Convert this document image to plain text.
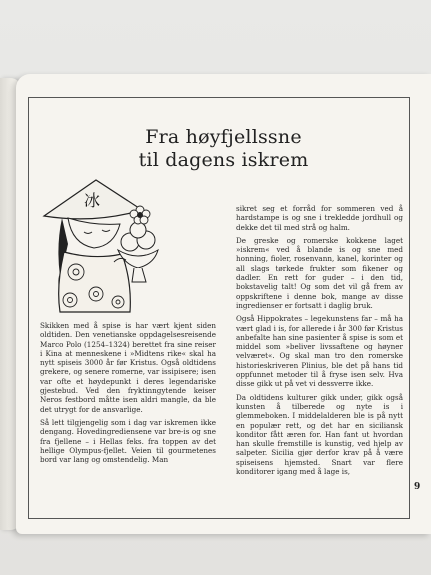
Fra høyfjellssne
til dagens iskrem
冰

Skikken med å spise is har vært kjent siden oldtiden. Den venetianske oppdagelsesreisende Marco Polo (1254–1324) berettet fra sine reiser i Kina at menneskene i »Midtens rike« skal ha nytt spiseis 3000 år før Kristus. Også oldtidens grekere, og senere romerne, var issipisere; isen var ofte et høydepunkt i deres legendariske gjestebud. Ved den fryktinngytende keiser Neros festbord måtte isen aldri mangle, da ble det utrygt for de ansvarlige.

Så lett tilgjengelig som i dag var iskremen ikke dengang. Hovedingrediensene var bre-is og sne fra fjellene – i Hellas feks. fra toppen av det hellige Olympus-fjellet. Veien til gourmetenes bord var lang og omstendelig. Man

sikret seg et forråd for sommeren ved å hardstampe is og sne i trekledde jordhull og dekke det til med strå og halm.

De greske og romerske kokkene laget »iskrem« ved å blande is og sne med honning, fioler, rosenvann, kanel, korinter og all slags tørkede frukter som fikener og dadler. En rett for guder – i den tid, bokstavelig talt! Og som det vil gå frem av oppskriftene i denne bok, mange av disse ingredienser er fortsatt i daglig bruk.

Også Hippokrates – legekunstens far – må ha vært glad i is, for allerede i år 300 før Kristus anbefalte han sine pasienter å spise is som et middel som »beliver livssaftene og høyner velværet«. Og skal man tro den romerske historieskriveren Plinius, ble det på hans tid oppfunnet metoder til å fryse isen selv. Hva disse gikk ut på vet vi dessverre ikke.

Da oldtidens kulturer gikk under, gikk også kunsten å tilberede og nyte is i glemmeboken. I middelalderen ble is på nytt en populær rett, og det har en siciliansk konditor fått æren for. Han fant ut hvordan han skulle fremstille is kunstig, ved hjelp av salpeter. Sicilia gjør derfor krav på å være spiseisens hjemsted. Snart var flere konditorer igang med å lage is,

9
